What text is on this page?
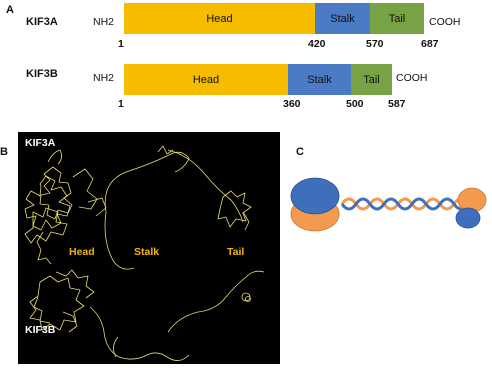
A
KIF3A	NH2	Head	Stalk	Tail	COOH
1	420	570	687
KIF3B	NH2	Head	Stalk	Tail	COOH
1	360	500 587
B
KIF3A
Head	Stalk	Tail
KIF3B
C
